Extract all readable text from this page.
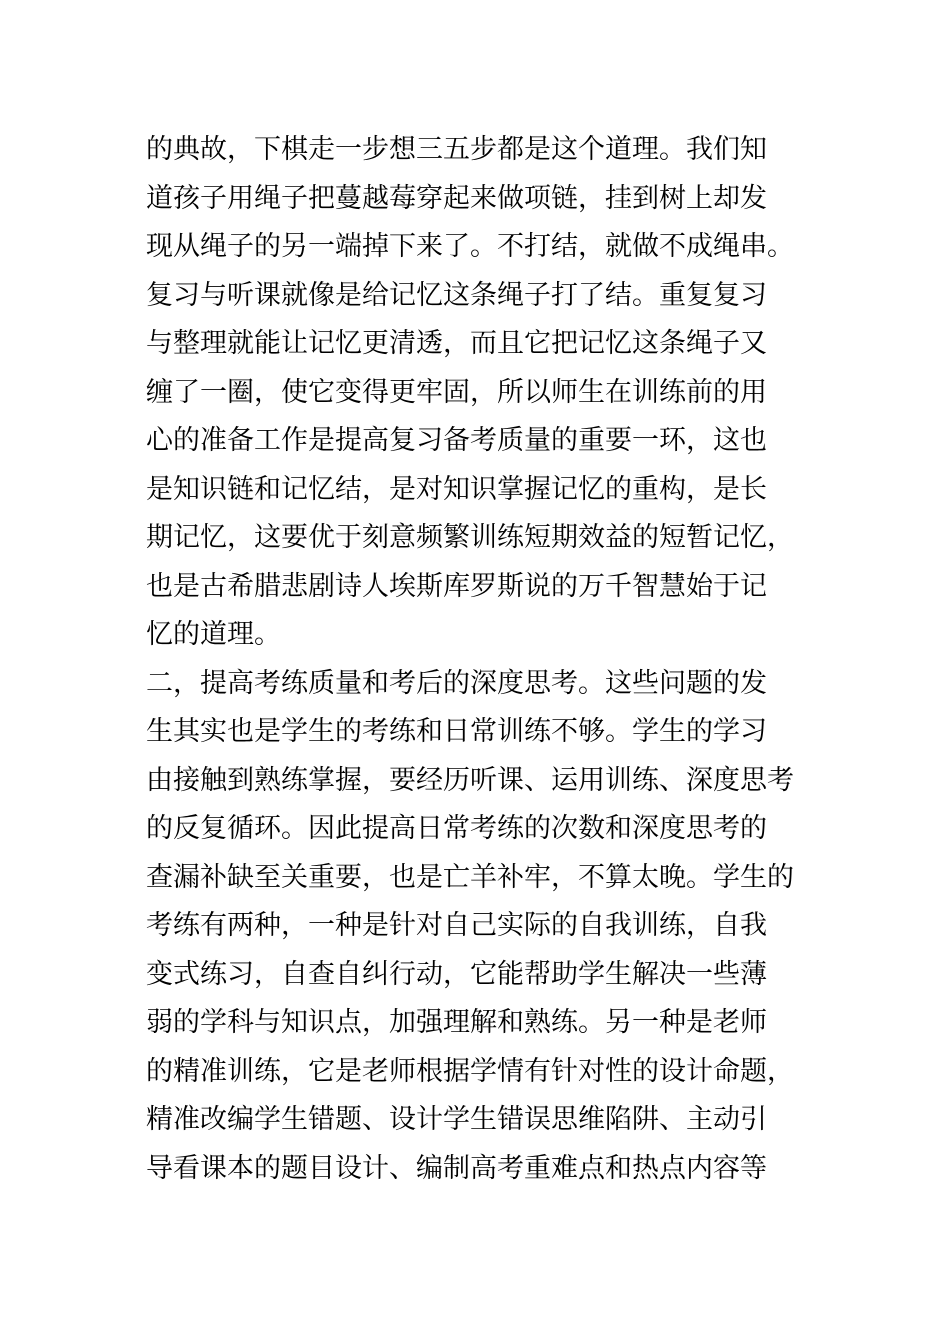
的典故，下棋走一步想三五步都是这个道理。我们知
道孩子用绳子把蔓越莓穿起来做项链，挂到树上却发
现从绳子的另一端掉下来了。不打结，就做不成绳串。
复习与听课就像是给记忆这条绳子打了结。重复复习
与整理就能让记忆更清透，而且它把记忆这条绳子又
缠了一圈，使它变得更牢固，所以师生在训练前的用
心的准备工作是提高复习备考质量的重要一环，这也
是知识链和记忆结，是对知识掌握记忆的重构，是长
期记忆，这要优于刻意频繁训练短期效益的短暂记忆，
也是古希腊悲剧诗人埃斯库罗斯说的万千智慧始于记
忆的道理。
二，提高考练质量和考后的深度思考。这些问题的发
生其实也是学生的考练和日常训练不够。学生的学习
由接触到熟练掌握，要经历听课、运用训练、深度思考
的反复循环。因此提高日常考练的次数和深度思考的
查漏补缺至关重要，也是亡羊补牢，不算太晚。学生的
考练有两种，一种是针对自己实际的自我训练，自我
变式练习，自查自纠行动，它能帮助学生解决一些薄
弱的学科与知识点，加强理解和熟练。另一种是老师
的精准训练，它是老师根据学情有针对性的设计命题，
精准改编学生错题、设计学生错误思维陷阱、主动引
导看课本的题目设计、编制高考重难点和热点内容等
